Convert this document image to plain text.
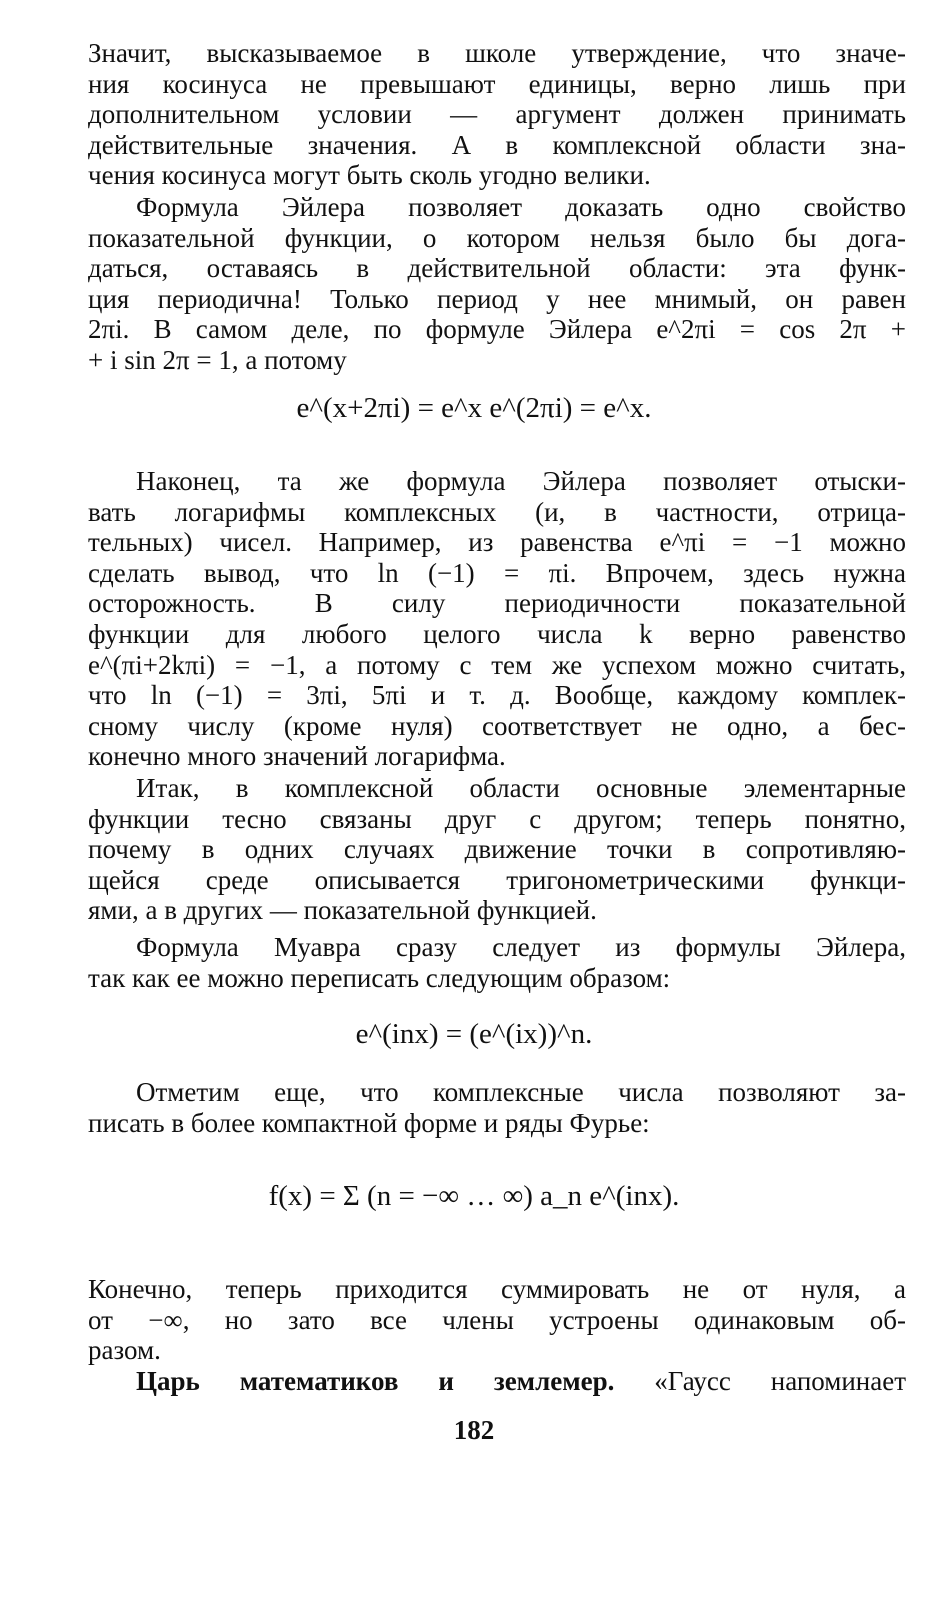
Значит, высказываемое в школе утверждение, что значе-
ния косинуса не превышают единицы, верно лишь при
дополнительном условии — аргумент должен принимать
действительные значения. А в комплексной области зна-
чения косинуса могут быть сколь угодно велики.
Формула Эйлера позволяет доказать одно свойство
показательной функции, о котором нельзя было бы дога-
даться, оставаясь в действительной области: эта функ-
ция периодична! Только период у нее мнимый, он равен
2πi. В самом деле, по формуле Эйлера e^2πi = cos 2π +
+ i sin 2π = 1, а потому
e^(x+2πi) = e^x e^(2πi) = e^x.
Наконец, та же формула Эйлера позволяет отыски-
вать логарифмы комплексных (и, в частности, отрица-
тельных) чисел. Например, из равенства e^πi = −1 можно
сделать вывод, что ln (−1) = πi. Впрочем, здесь нужна
осторожность. В силу периодичности показательной
функции для любого целого числа k верно равенство
e^(πi+2kπi) = −1, а потому с тем же успехом можно считать,
что ln (−1) = 3πi, 5πi и т. д. Вообще, каждому комплек-
сному числу (кроме нуля) соответствует не одно, а бес-
конечно много значений логарифма.
Итак, в комплексной области основные элементарные
функции тесно связаны друг с другом; теперь понятно,
почему в одних случаях движение точки в сопротивляю-
щейся среде описывается тригонометрическими функци-
ями, а в других — показательной функцией.
Формула Муавра сразу следует из формулы Эйлера,
так как ее можно переписать следующим образом:
e^(inx) = (e^(ix))^n.
Отметим еще, что комплексные числа позволяют за-
писать в более компактной форме и ряды Фурье:
f(x) = Σ (n = −∞ … ∞) a_n e^(inx).
Конечно, теперь приходится суммировать не от нуля, а
от −∞, но зато все члены устроены одинаковым об-
разом.
Царь математиков и землемер. «Гаусс напоминает
182
